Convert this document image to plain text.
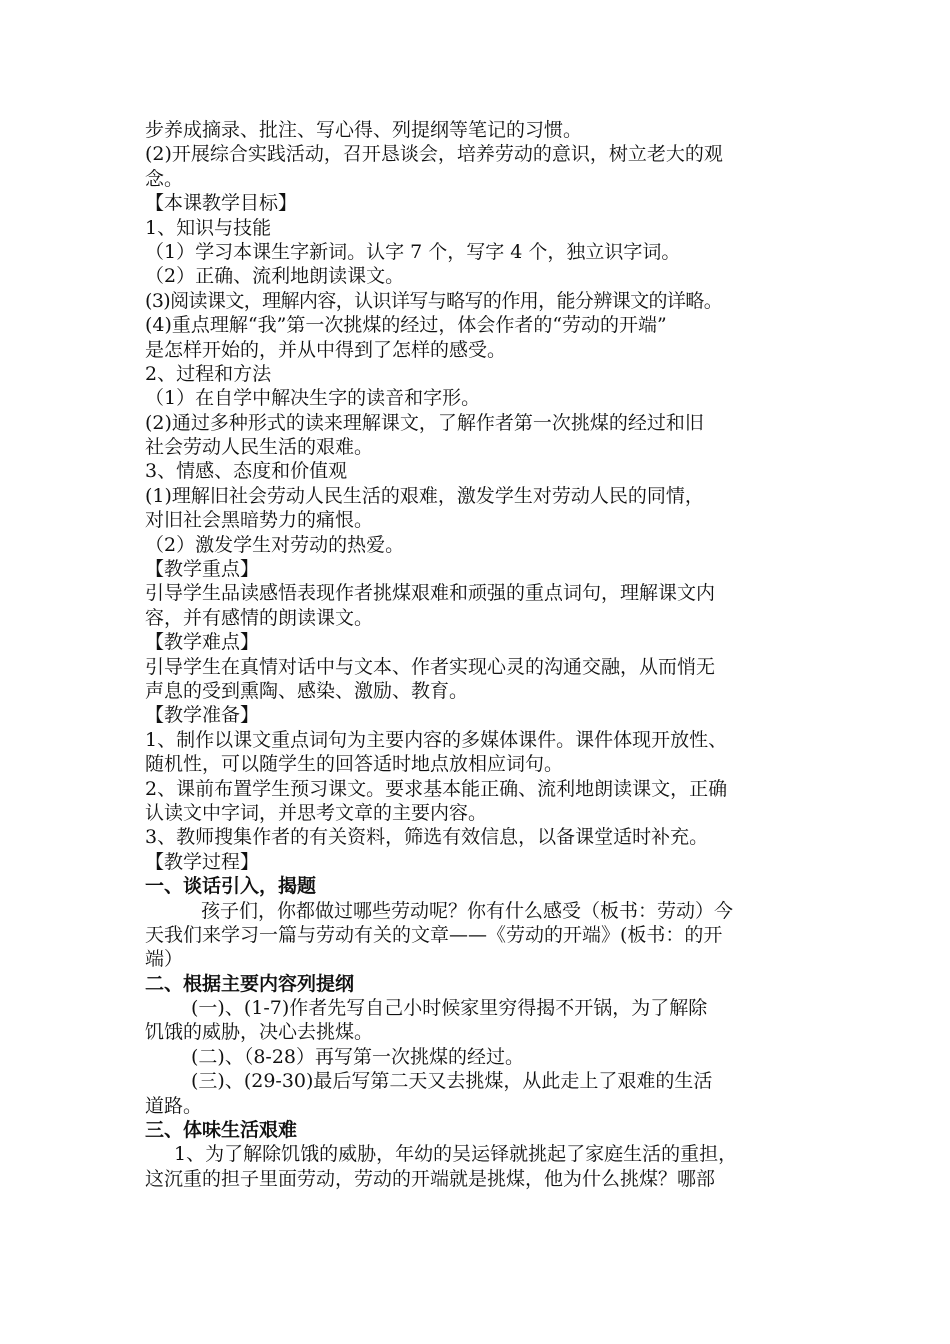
步养成摘录、批注、写心得、列提纲等笔记的习惯。
(2)开展综合实践活动，召开恳谈会，培养劳动的意识，树立老大的观
念。
【本课教学目标】
1、知识与技能
（1）学习本课生字新词。认字 7 个，写字 4 个，独立识字词。
（2）正确、流利地朗读课文。
(3)阅读课文，理解内容，认识详写与略写的作用，能分辨课文的详略。
(4)重点理解“我”第一次挑煤的经过，体会作者的“劳动的开端”
是怎样开始的，并从中得到了怎样的感受。
2、过程和方法
（1）在自学中解决生字的读音和字形。
(2)通过多种形式的读来理解课文，了解作者第一次挑煤的经过和旧
社会劳动人民生活的艰难。
3、情感、态度和价值观
(1)理解旧社会劳动人民生活的艰难，激发学生对劳动人民的同情，
对旧社会黑暗势力的痛恨。
（2）激发学生对劳动的热爱。
【教学重点】
引导学生品读感悟表现作者挑煤艰难和顽强的重点词句，理解课文内
容，并有感情的朗读课文。
【教学难点】
引导学生在真情对话中与文本、作者实现心灵的沟通交融，从而悄无
声息的受到熏陶、感染、激励、教育。
【教学准备】
1、制作以课文重点词句为主要内容的多媒体课件。课件体现开放性、
随机性，可以随学生的回答适时地点放相应词句。
2、课前布置学生预习课文。要求基本能正确、流利地朗读课文，正确
认读文中字词，并思考文章的主要内容。
3、教师搜集作者的有关资料，筛选有效信息，以备课堂适时补充。
【教学过程】
一、谈话引入，揭题
孩子们，你都做过哪些劳动呢？你有什么感受（板书：劳动）今
天我们来学习一篇与劳动有关的文章——《劳动的开端》(板书：的开
端）
二、根据主要内容列提纲
(一)、(1-7)作者先写自己小时候家里穷得揭不开锅，为了解除
饥饿的威胁，决心去挑煤。
(二)、（8-28）再写第一次挑煤的经过。
(三)、(29-30)最后写第二天又去挑煤，从此走上了艰难的生活
道路。
三、体味生活艰难
1、为了解除饥饿的威胁，年幼的吴运铎就挑起了家庭生活的重担，
这沉重的担子里面劳动，劳动的开端就是挑煤，他为什么挑煤？哪部
